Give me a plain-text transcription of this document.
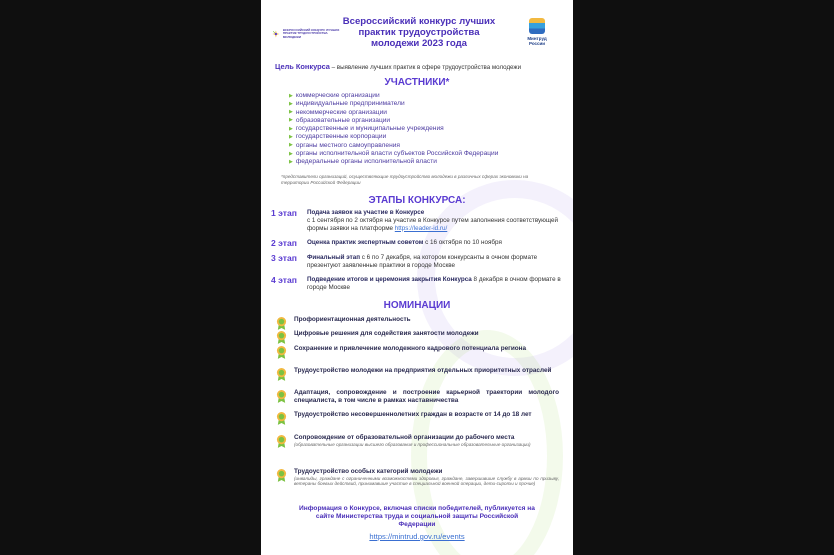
ВСЕРОССИЙСКИЙ КОНКУРС ЛУЧШИХ ПРАКТИК ТРУДОУСТРОЙСТВА МОЛОДЕЖИ
Всероссийский конкурс лучших практик трудоустройства молодежи 2023 года	Минтруд России
Цель Конкурса – выявление лучших практик в сфере трудоустройства молодежи
УЧАСТНИКИ*
▶ коммерческие организации
▶ индивидуальные предприниматели
▶ некоммерческие организации
▶ образовательные организации
▶ государственные и муниципальные учреждения
▶ государственные корпорации
▶ органы местного самоуправления
▶ органы исполнительной власти субъектов Российской Федерации
▶ федеральные органы исполнительной власти
*представители организаций, осуществляющие трудоустройство молодежи в различных сферах экономики на территории Российской Федерации
ЭТАПЫ КОНКУРСА:
1 этап	Подача заявок на участие в Конкурсе
с 1 сентября по 2 октября на участие в Конкурсе путем заполнения соответствующей формы заявки на платформе https://leader-id.ru/
2 этап	Оценка практик экспертным советом с 16 октября по 10 ноября
3 этап	Финальный этап с 6 по 7 декабря, на котором конкурсанты в очном формате презентуют заявленные практики в городе Москве
4 этап	Подведение итогов и церемония закрытия Конкурса 8 декабря в очном формате в городе Москве
НОМИНАЦИИ
Профориентационная деятельность
Цифровые решения для содействия занятости молодежи
Сохранение и привлечение молодежного кадрового потенциала региона
Трудоустройство молодежи на предприятия отдельных приоритетных отраслей
Адаптация, сопровождение и построение карьерной траектории молодого специалиста, в том числе в рамках наставничества
Трудоустройство несовершеннолетних граждан в возрасте от 14 до 18 лет
Сопровождение от образовательной организации до рабочего места
(образовательные организации высшего образования и профессиональные образовательные организации)
Трудоустройство особых категорий молодежи
(инвалиды, граждане с ограниченными возможностями здоровья, граждане, завершившие службу в армии по призыву, ветераны боевых действий, принимавшие участие в специальной военной операции, дети-сироты и прочие)
Информация о Конкурсе, включая списки победителей, публикуется на сайте Министерства труда и социальной защиты Российской Федерации
https://mintrud.gov.ru/events
